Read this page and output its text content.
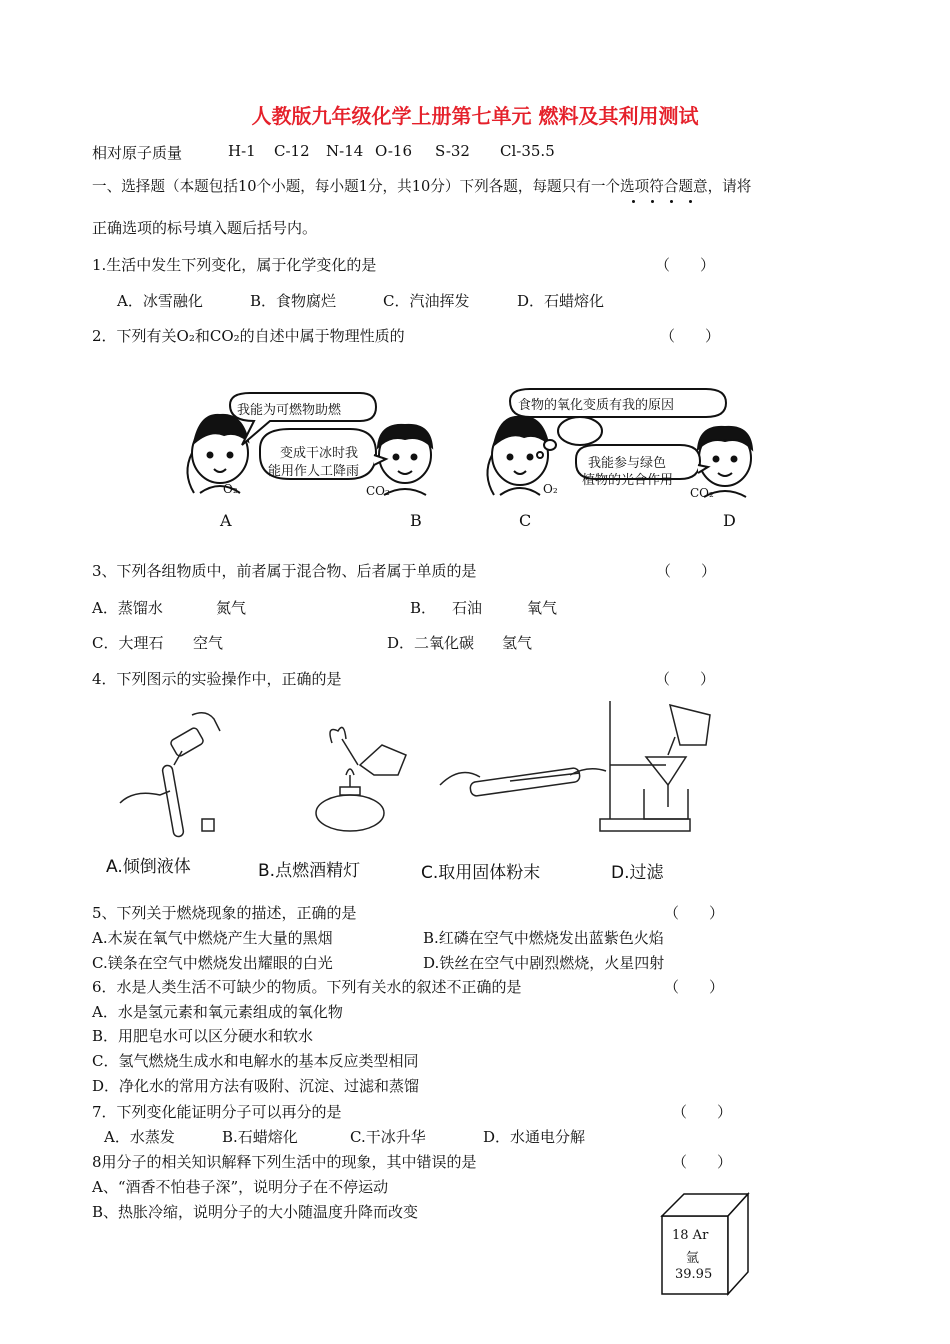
人教版九年级化学上册第七单元 燃料及其利用测试
相对原子质量	H-1 C-12 N-14 O-16 S-32 Cl-35.5
一、选择题（本题包括10个小题，每小题1分，共10分）下列各题，每题只有一个选项符合题意，请将
正确选项的标号填入题后括号内。
1.生活中发生下列变化，属于化学变化的是	（　　）
A．冰雪融化	B．食物腐烂	C．汽油挥发	D．石蜡熔化
2．下列有关O₂和CO₂的自述中属于物理性质的	（　　）
我能为可燃物助燃
变成干冰时我
能用作人工降雨
食物的氧化变质有我的原因
我能参与绿色
植物的光合作用
O₂	CO₂	O₂	CO₂
A	B	C	D
3、下列各组物质中，前者属于混合物、后者属于单质的是	（　　）
A．蒸馏水	氮气	B． 石油	氧气
C．大理石 空气	D．二氧化碳 氢气
4．下列图示的实验操作中，正确的是	（　　）
A.倾倒液体	B.点燃酒精灯	C.取用固体粉末	D.过滤
5、下列关于燃烧现象的描述，正确的是	（　　）
A.木炭在氧气中燃烧产生大量的黑烟	B.红磷在空气中燃烧发出蓝紫色火焰
C.镁条在空气中燃烧发出耀眼的白光	D.铁丝在空气中剧烈燃烧，火星四射
6．水是人类生活不可缺少的物质。下列有关水的叙述不正确的是	（　　）
A．水是氢元素和氧元素组成的氧化物
B．用肥皂水可以区分硬水和软水
C．氢气燃烧生成水和电解水的基本反应类型相同
D．净化水的常用方法有吸附、沉淀、过滤和蒸馏
7．下列变化能证明分子可以再分的是	（　　）
A．水蒸发	B.石蜡熔化	C.干冰升华	D．水通电分解
8用分子的相关知识解释下列生活中的现象，其中错误的是	（　　）
A、“酒香不怕巷子深”，说明分子在不停运动
B、热胀冷缩，说明分子的大小随温度升降而改变
18 Ar
氩
39.95
